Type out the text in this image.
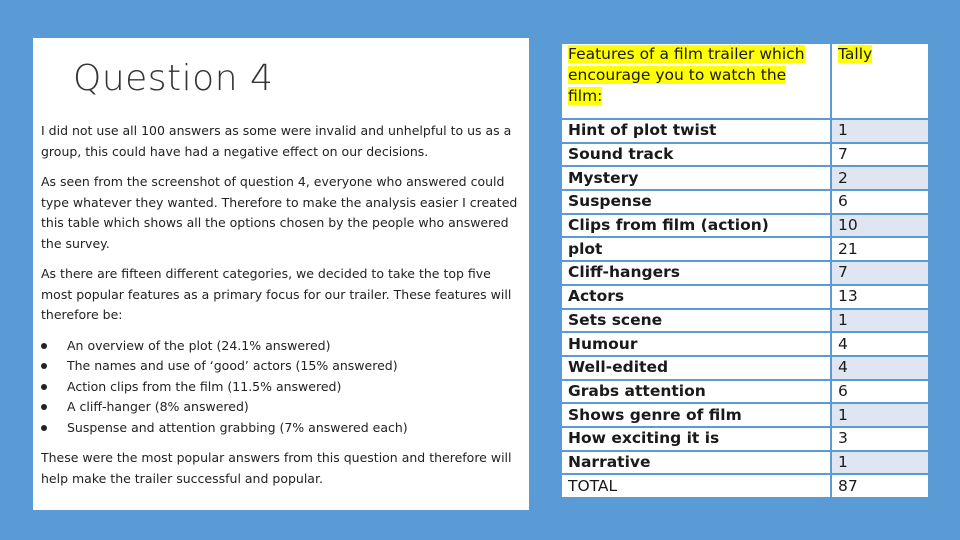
Question 4

I did not use all 100 answers as some were invalid and unhelpful to us as a group, this could have had a negative effect on our decisions.

As seen from the screenshot of question 4, everyone who answered could type whatever they wanted. Therefore to make the analysis easier I created this table which shows all the options chosen by the people who answered the survey.

As there are fifteen different categories, we decided to take the top five most popular features as a primary focus for our trailer. These features will therefore be:

An overview of the plot (24.1% answered)
The names and use of ‘good’ actors (15% answered)
Action clips from the film (11.5% answered)
A cliff-hanger (8% answered)
Suspense and attention grabbing (7% answered each)

These were the most popular answers from this question and therefore will help make the trailer successful and popular.

Features of a film trailer which encourage you to watch the film:	Tally
Hint of plot twist	1
Sound track	7
Mystery	2
Suspense	6
Clips from film (action)	10
plot	21
Cliff-hangers	7
Actors	13
Sets scene	1
Humour	4
Well-edited	4
Grabs attention	6
Shows genre of film	1
How exciting it is	3
Narrative	1
TOTAL	87
